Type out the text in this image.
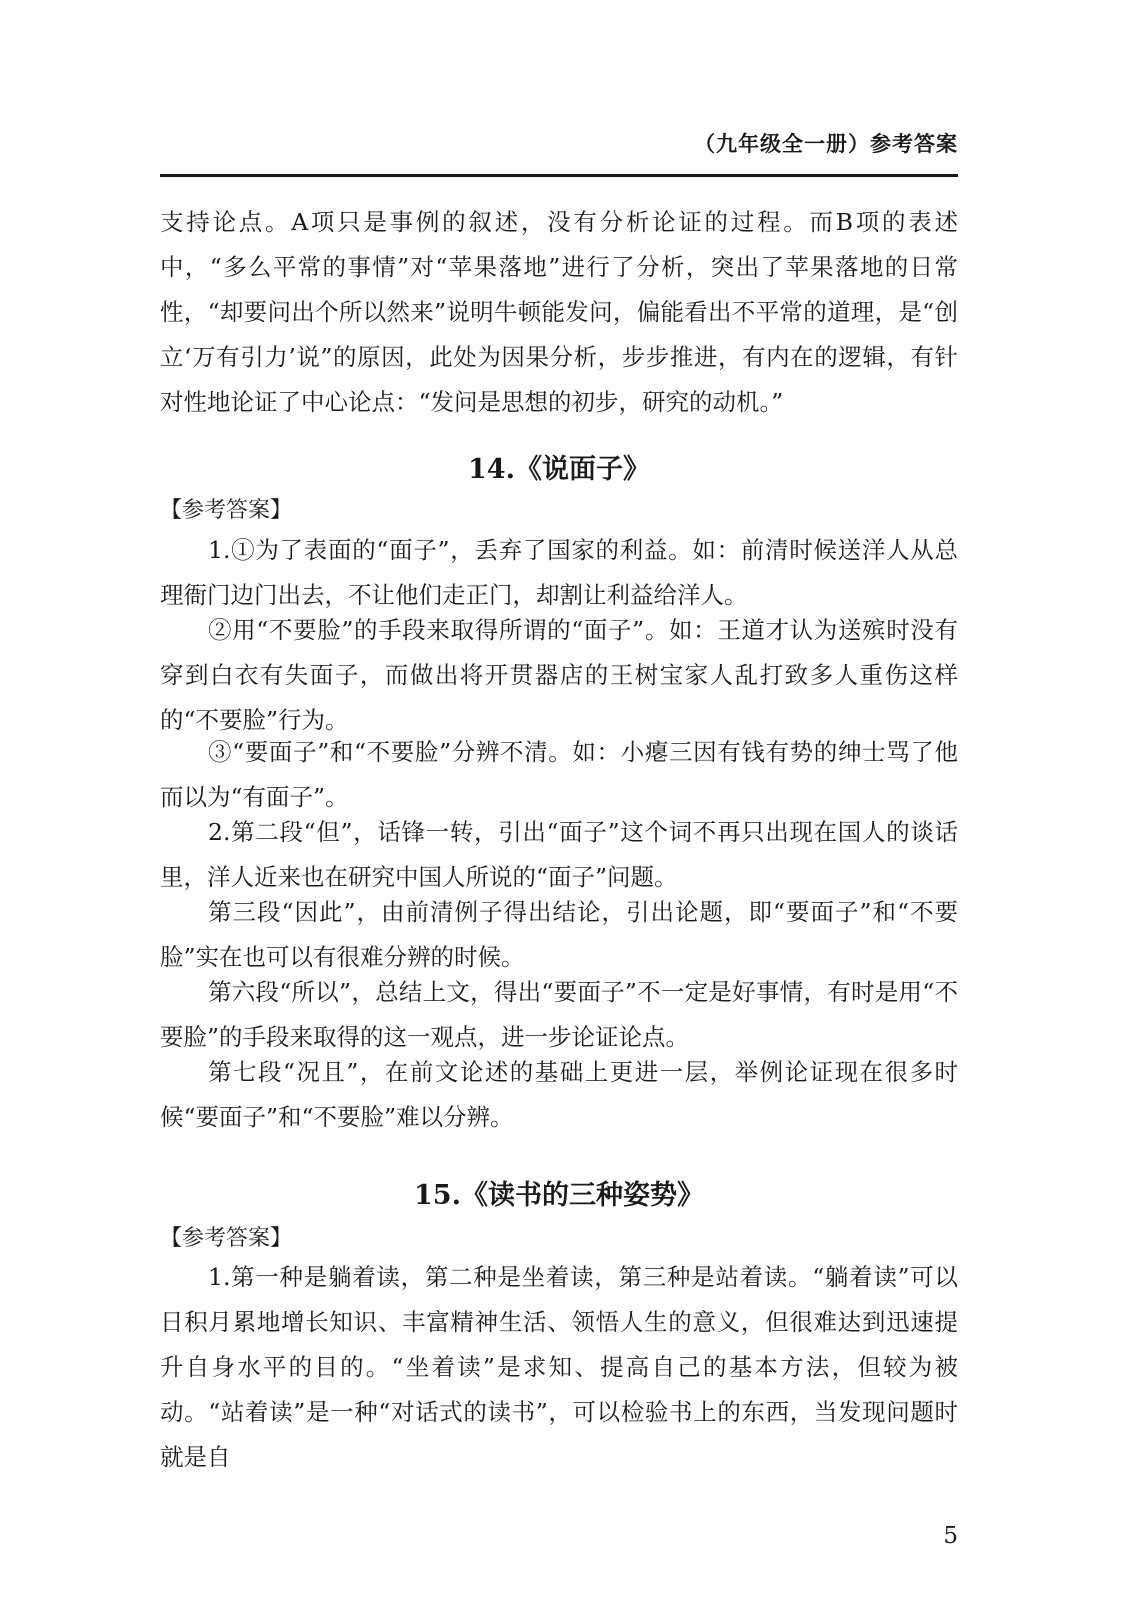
（九年级全一册）参考答案

支持论点。A项只是事例的叙述，没有分析论证的过程。而B项的表述中，“多么平常的事情”对“苹果落地”进行了分析，突出了苹果落地的日常性，“却要问出个所以然来”说明牛顿能发问，偏能看出不平常的道理，是“创立‘万有引力’说”的原因，此处为因果分析，步步推进，有内在的逻辑，有针对性地论证了中心论点：“发问是思想的初步，研究的动机。”

14.《说面子》

【参考答案】

1.①为了表面的“面子”，丢弃了国家的利益。如：前清时候送洋人从总理衙门边门出去，不让他们走正门，却割让利益给洋人。

②用“不要脸”的手段来取得所谓的“面子”。如：王道才认为送殡时没有穿到白衣有失面子，而做出将开贯器店的王树宝家人乱打致多人重伤这样的“不要脸”行为。

③“要面子”和“不要脸”分辨不清。如：小瘪三因有钱有势的绅士骂了他而以为“有面子”。

2.第二段“但”，话锋一转，引出“面子”这个词不再只出现在国人的谈话里，洋人近来也在研究中国人所说的“面子”问题。

第三段“因此”，由前清例子得出结论，引出论题，即“要面子”和“不要脸”实在也可以有很难分辨的时候。

第六段“所以”，总结上文，得出“要面子”不一定是好事情，有时是用“不要脸”的手段来取得的这一观点，进一步论证论点。

第七段“况且”，在前文论述的基础上更进一层，举例论证现在很多时候“要面子”和“不要脸”难以分辨。

15.《读书的三种姿势》

【参考答案】

1.第一种是躺着读，第二种是坐着读，第三种是站着读。“躺着读”可以日积月累地增长知识、丰富精神生活、领悟人生的意义，但很难达到迅速提升自身水平的目的。“坐着读”是求知、提高自己的基本方法，但较为被动。“站着读”是一种“对话式的读书”，可以检验书上的东西，当发现问题时就是自

5
